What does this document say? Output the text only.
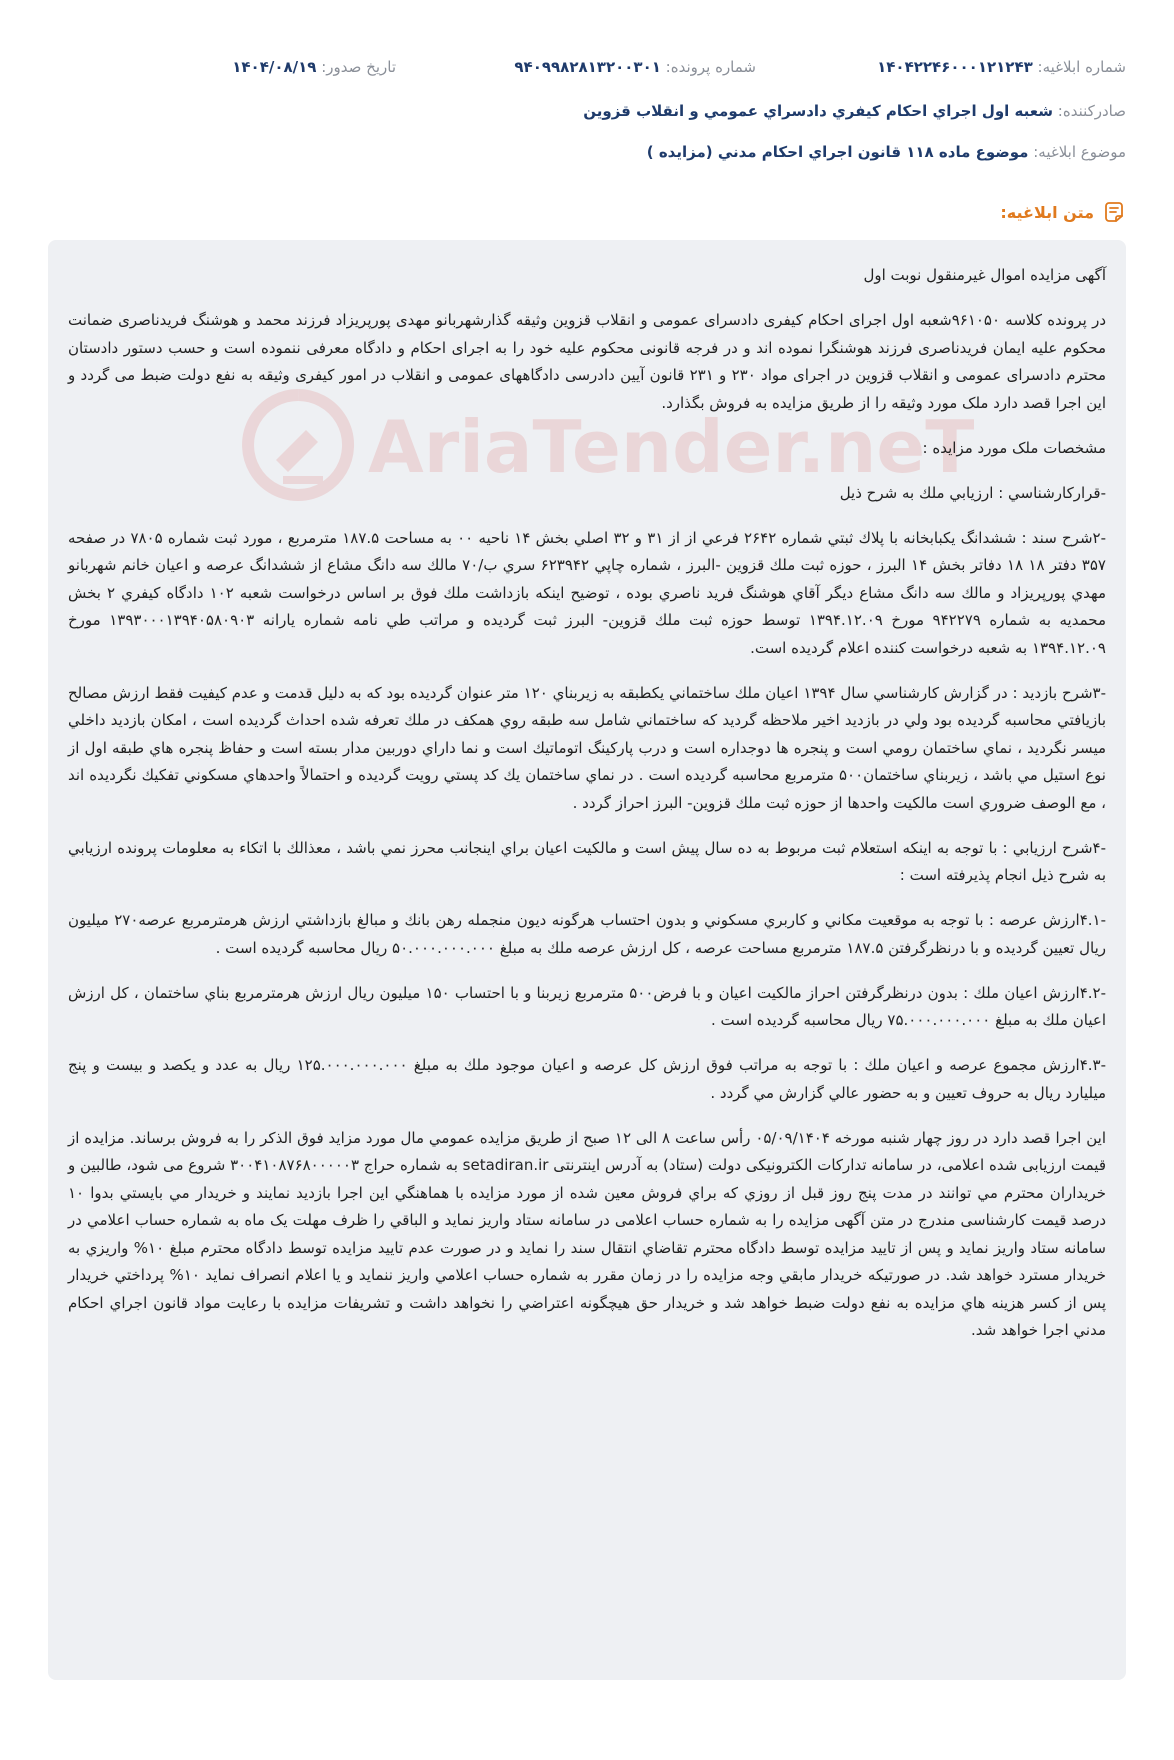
شماره ابلاغيه: ۱۴۰۴۲۲۴۶۰۰۰۱۲۱۲۴۳
شماره پرونده: ۹۴۰۹۹۸۲۸۱۳۲۰۰۳۰۱
تاريخ صدور: ۱۴۰۴/۰۸/۱۹
صادرکننده: شعبه اول اجراي احكام كيفري دادسراي عمومي و انقلاب قزوين
موضوع ابلاغيه: موضوع ماده ۱۱۸ قانون اجراي احكام مدني (مزايده )
متن ابلاغيه:
AriaTender.neT

آگهی مزایده اموال غیرمنقول نوبت اول

در پرونده کلاسه ۹۶۱۰۵۰شعبه اول اجرای احکام کیفری دادسرای عمومی و انقلاب قزوین وثیقه گذارشهربانو مهدی پورپریزاد فرزند محمد و هوشنگ فریدناصری ضمانت محکوم علیه ایمان فریدناصری فرزند هوشنگرا نموده اند و در فرجه قانونی محکوم علیه خود را به اجرای احکام و دادگاه معرفی ننموده است و حسب دستور دادستان محترم دادسرای عمومی و انقلاب قزوین در اجرای مواد ۲۳۰ و ۲۳۱ قانون آیین دادرسی دادگاههای عمومی و انقلاب در امور کیفری وثیقه به نفع دولت ضبط می گردد و این اجرا قصد دارد ملک مورد وثیقه را از طریق مزایده به فروش بگذارد.

مشخصات ملک مورد مزایده :

-قرارکارشناسي : ارزيابي ملك به شرح ذيل

-۲شرح سند : ششدانگ يكبابخانه با پلاك ثبتي شماره ۲۶۴۲ فرعي از از ۳۱ و ۳۲ اصلي بخش ۱۴ ناحيه ۰۰ به مساحت ۱۸۷.۵ مترمربع ، مورد ثبت شماره ۷۸۰۵ در صفحه ۳۵۷ دفتر ۱۸ ۱۸ دفاتر بخش ۱۴ البرز ، حوزه ثبت ملك قزوين -البرز ، شماره چاپي ۶۲۳۹۴۲ سري ب/۷۰ مالك سه دانگ مشاع از ششدانگ عرصه و اعيان خانم شهربانو مهدي پورپريزاد و مالك سه دانگ مشاع ديگر آقاي هوشنگ فريد ناصري بوده ، توضيح اينكه بازداشت ملك فوق بر اساس درخواست شعبه ۱۰۲ دادگاه كيفري ۲ بخش محمديه به شماره ۹۴۲۲۷۹ مورخ ۱۳۹۴.۱۲.۰۹ توسط حوزه ثبت ملك قزوين- البرز ثبت گرديده و مراتب طي نامه شماره يارانه ۱۳۹۳۰۰۰۱۳۹۴۰۵۸۰۹۰۳ مورخ ۱۳۹۴.۱۲.۰۹ به شعبه درخواست كننده اعلام گرديده است.

-۳شرح بازديد : در گزارش كارشناسي سال ۱۳۹۴ اعيان ملك ساختماني يكطبقه به زيربناي ۱۲۰ متر عنوان گرديده بود كه به دليل قدمت و عدم كيفيت فقط ارزش مصالح بازيافتي محاسبه گرديده بود ولي در بازديد اخير ملاحظه گرديد كه ساختماني شامل سه طبقه روي همكف در ملك تعرفه شده احداث گرديده است ، امكان بازديد داخلي ميسر نگرديد ، نماي ساختمان رومي است و پنجره ها دوجداره است و درب پاركينگ اتوماتيك است و نما داراي دوربين مدار بسته است و حفاظ پنجره هاي طبقه اول از نوع استيل مي باشد ، زيربناي ساختمان۵۰۰ مترمربع محاسبه گرديده است . در نماي ساختمان يك كد پستي رويت گرديده و احتمالاً واحدهاي مسكوني تفكيك نگرديده اند ، مع الوصف ضروري است مالكيت واحدها از حوزه ثبت ملك قزوين- البرز احراز گردد .

-۴شرح ارزيابي : با توجه به اينكه استعلام ثبت مربوط به ده سال پيش است و مالكيت اعيان براي اينجانب محرز نمي باشد ، معذالك با اتكاء به معلومات پرونده ارزيابي به شرح ذيل انجام پذيرفته است :

-۴.۱ارزش عرصه : با توجه به موقعيت مكاني و كاربري مسكوني و بدون احتساب هرگونه ديون منجمله رهن بانك و مبالغ بازداشتي ارزش هرمترمربع عرصه۲۷۰ ميليون ريال تعيين گرديده و با درنظرگرفتن ۱۸۷.۵ مترمربع مساحت عرصه ، كل ارزش عرصه ملك به مبلغ ۵۰.۰۰۰.۰۰۰.۰۰۰ ريال محاسبه گرديده است .

-۴.۲ارزش اعيان ملك : بدون درنظرگرفتن احراز مالكيت اعيان و با فرض۵۰۰ مترمربع زيربنا و با احتساب ۱۵۰ ميليون ريال ارزش هرمترمربع بناي ساختمان ، كل ارزش اعيان ملك به مبلغ ۷۵.۰۰۰.۰۰۰.۰۰۰ ريال محاسبه گرديده است .

-۴.۳ارزش مجموع عرصه و اعيان ملك : با توجه به مراتب فوق ارزش كل عرصه و اعيان موجود ملك به مبلغ ۱۲۵.۰۰۰.۰۰۰.۰۰۰ ريال به عدد و يكصد و بيست و پنج ميليارد ريال به حروف تعيين و به حضور عالي گزارش مي گردد .

این اجرا قصد دارد در روز چهار شنبه مورخه ۰۵/۰۹/۱۴۰۴ رأس ساعت ۸ الی ۱۲ صبح از طريق مزايده عمومي مال مورد مزايد فوق الذكر را به فروش برساند. مزایده از قیمت ارزیابی شده اعلامی، در سامانه تدارکات الکترونیکی دولت (ستاد) به آدرس اینترنتی setadiran.ir به شماره حراج ۳۰۰۴۱۰۸۷۶۸۰۰۰۰۰۳ شروع می شود، طالبين و خريداران محترم مي توانند در مدت پنج روز قبل از روزي كه براي فروش معين شده از مورد مزايده با هماهنگي اين اجرا بازديد نمايند و خريدار مي بايستي بدوا ۱۰ درصد قيمت کارشناسی مندرج در متن آگهی مزایده را به شماره حساب اعلامی در سامانه ستاد واریز نماید و الباقي را ظرف مهلت یک ماه به شماره حساب اعلامي در سامانه ستاد واريز نمايد و پس از تاييد مزايده توسط دادگاه محترم تقاضاي انتقال سند را نمايد و در صورت عدم تاييد مزايده توسط دادگاه محترم مبلغ ۱۰% واريزي به خريدار مسترد خواهد شد. در صورتيكه خريدار مابقي وجه مزايده را در زمان مقرر به شماره حساب اعلامي واريز ننمايد و يا اعلام انصراف نمايد ۱۰% پرداختي خريدار پس از كسر هزينه هاي مزايده به نفع دولت ضبط خواهد شد و خريدار حق هيچگونه اعتراضي را نخواهد داشت و تشريفات مزايده با رعايت مواد قانون اجراي احكام مدني اجرا خواهد شد.
